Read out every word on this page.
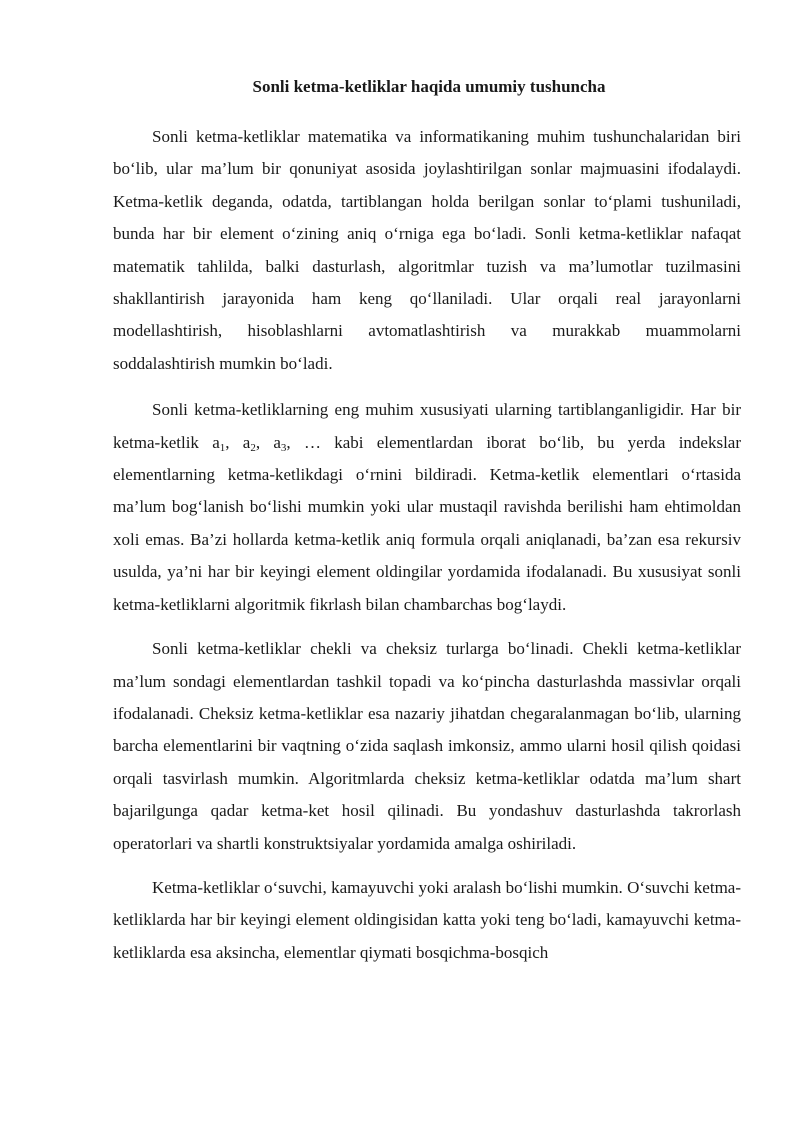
Sonli ketma-ketliklar haqida umumiy tushuncha

Sonli ketma-ketliklar matematika va informatikaning muhim tushunchalaridan biri bo‘lib, ular ma’lum bir qonuniyat asosida joylashtirilgan sonlar majmuasini ifodalaydi. Ketma-ketlik deganda, odatda, tartiblangan holda berilgan sonlar to‘plami tushuniladi, bunda har bir element o‘zining aniq o‘rniga ega bo‘ladi. Sonli ketma-ketliklar nafaqat matematik tahlilda, balki dasturlash, algoritmlar tuzish va ma’lumotlar tuzilmasini shakllantirish jarayonida ham keng qo‘llaniladi. Ular orqali real jarayonlarni modellashtirish, hisoblashlarni avtomatlashtirish va murakkab muammolarni soddalashtirish mumkin bo‘ladi.

Sonli ketma-ketliklarning eng muhim xususiyati ularning tartiblanganligidir. Har bir ketma-ketlik $a_1$, $a_2$, $a_3$, … kabi elementlardan iborat bo‘lib, bu yerda indekslar elementlarning ketma-ketlikdagi o‘rnini bildiradi. Ketma-ketlik elementlari o‘rtasida ma’lum bog‘lanish bo‘lishi mumkin yoki ular mustaqil ravishda berilishi ham ehtimoldan xoli emas. Ba’zi hollarda ketma-ketlik aniq formula orqali aniqlanadi, ba’zan esa rekursiv usulda, ya’ni har bir keyingi element oldingilar yordamida ifodalanadi. Bu xususiyat sonli ketma-ketliklarni algoritmik fikrlash bilan chambarchas bog‘laydi.

Sonli ketma-ketliklar chekli va cheksiz turlarga bo‘linadi. Chekli ketma-ketliklar ma’lum sondagi elementlardan tashkil topadi va ko‘pincha dasturlashda massivlar orqali ifodalanadi. Cheksiz ketma-ketliklar esa nazariy jihatdan chegaralanmagan bo‘lib, ularning barcha elementlarini bir vaqtning o‘zida saqlash imkonsiz, ammo ularni hosil qilish qoidasi orqali tasvirlash mumkin. Algoritmlarda cheksiz ketma-ketliklar odatda ma’lum shart bajarilgunga qadar ketma-ket hosil qilinadi. Bu yondashuv dasturlashda takrorlash operatorlari va shartli konstruktsiyalar yordamida amalga oshiriladi.

Ketma-ketliklar o‘suvchi, kamayuvchi yoki aralash bo‘lishi mumkin. O‘suvchi ketma-ketliklarda har bir keyingi element oldingisidan katta yoki teng bo‘ladi, kamayuvchi ketma-ketliklarda esa aksincha, elementlar qiymati bosqichma-bosqich
